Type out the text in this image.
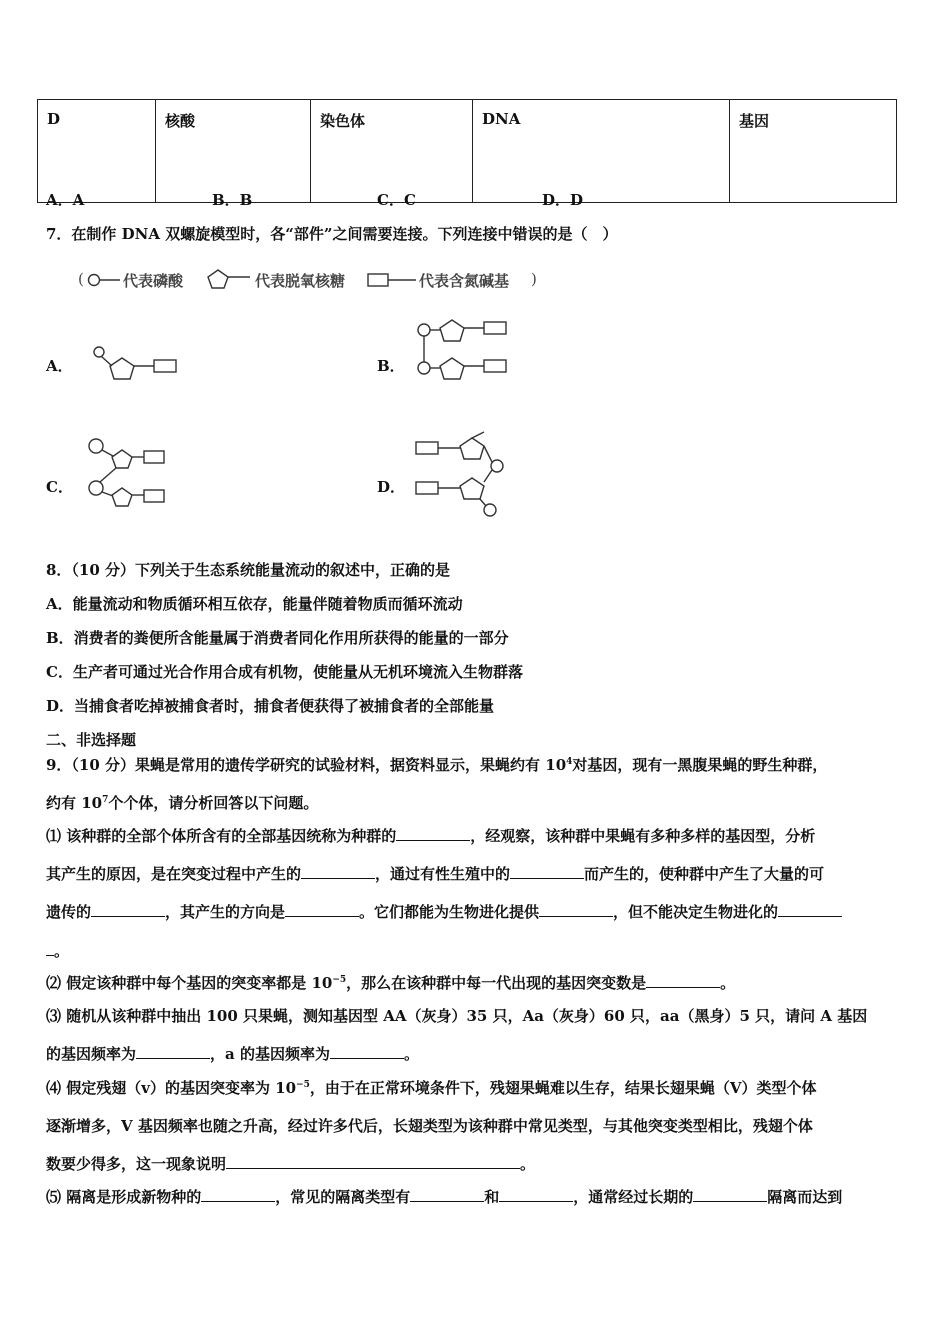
D	核酸	染色体	DNA	基因
A．A	B．B	C．C	D．D
7．在制作 DNA 双螺旋模型时，各“部件”之间需要连接。下列连接中错误的是（　）
(	代表磷酸	代表脱氧核糖	代表含氮碱基 )
A．	B．
C．	D．
8．（10 分）下列关于生态系统能量流动的叙述中，正确的是
A．能量流动和物质循环相互依存，能量伴随着物质而循环流动
B．消费者的粪便所含能量属于消费者同化作用所获得的能量的一部分
C．生产者可通过光合作用合成有机物，使能量从无机环境流入生物群落
D．当捕食者吃掉被捕食者时，捕食者便获得了被捕食者的全部能量
二、非选择题
9．（10 分）果蝇是常用的遗传学研究的试验材料，据资料显示，果蝇约有 $10^4$对基因，现有一黑腹果蝇的野生种群，
约有 $10^7$个个体，请分析回答以下问题。
⑴ 该种群的全部个体所含有的全部基因统称为种群的	，经观察，该种群中果蝇有多种多样的基因型，分析
其产生的原因，是在突变过程中产生的	，通过有性生殖中的	而产生的，使种群中产生了大量的可
遗传的	，其产生的方向是	。它们都能为生物进化提供	，但不能决定生物进化的
。
⑵ 假定该种群中每个基因的突变率都是 $10^{-5}$，那么在该种群中每一代出现的基因突变数是	。
⑶ 随机从该种群中抽出 100 只果蝇，测知基因型 AA（灰身）35 只，Aa（灰身）60 只，aa（黑身）5 只，请问 A 基因
的基因频率为	，a 的基因频率为	。
⑷ 假定残翅（v）的基因突变率为 $10^{-5}$，由于在正常环境条件下，残翅果蝇难以生存，结果长翅果蝇（V）类型个体
逐渐增多，V 基因频率也随之升高，经过许多代后，长翅类型为该种群中常见类型，与其他突变类型相比，残翅个体
数要少得多，这一现象说明	。
⑸ 隔离是形成新物种的	，常见的隔离类型有	和	，通常经过长期的	隔离而达到
